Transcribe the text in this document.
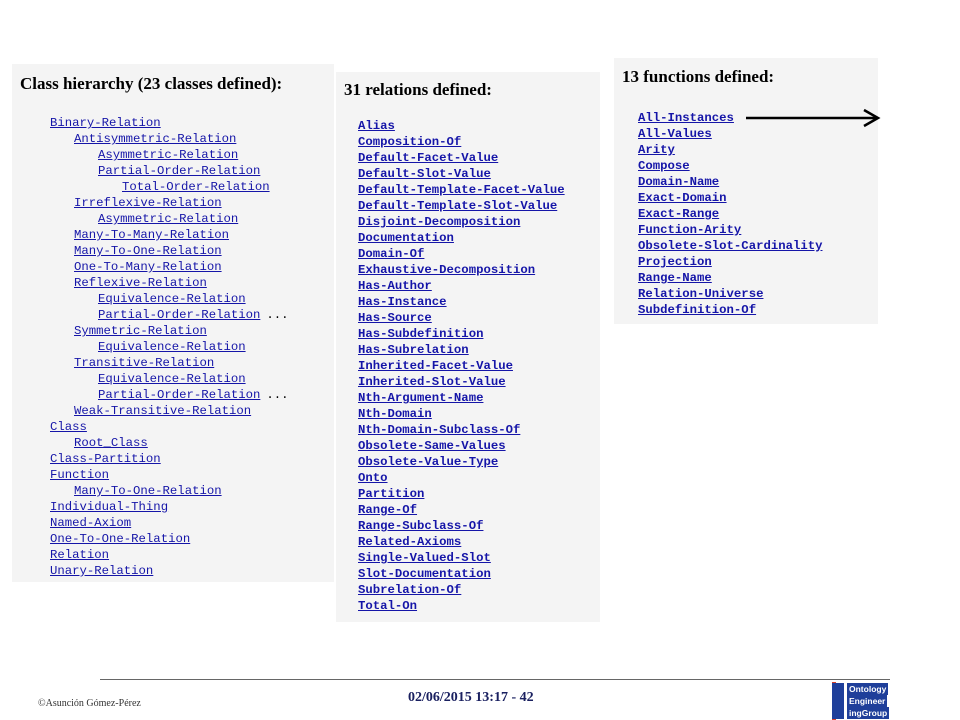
Class hierarchy (23 classes defined):
Binary-Relation
Antisymmetric-Relation
Asymmetric-Relation
Partial-Order-Relation
Total-Order-Relation
Irreflexive-Relation
Asymmetric-Relation
Many-To-Many-Relation
Many-To-One-Relation
One-To-Many-Relation
Reflexive-Relation
Equivalence-Relation
Partial-Order-Relation ...
Symmetric-Relation
Equivalence-Relation
Transitive-Relation
Equivalence-Relation
Partial-Order-Relation ...
Weak-Transitive-Relation
Class
Root_Class
Class-Partition
Function
Many-To-One-Relation
Individual-Thing
Named-Axiom
One-To-One-Relation
Relation
Unary-Relation
31 relations defined:
Alias
Composition-Of
Default-Facet-Value
Default-Slot-Value
Default-Template-Facet-Value
Default-Template-Slot-Value
Disjoint-Decomposition
Documentation
Domain-Of
Exhaustive-Decomposition
Has-Author
Has-Instance
Has-Source
Has-Subdefinition
Has-Subrelation
Inherited-Facet-Value
Inherited-Slot-Value
Nth-Argument-Name
Nth-Domain
Nth-Domain-Subclass-Of
Obsolete-Same-Values
Obsolete-Value-Type
Onto
Partition
Range-Of
Range-Subclass-Of
Related-Axioms
Single-Valued-Slot
Slot-Documentation
Subrelation-Of
Total-On
13 functions defined:
All-Instances
All-Values
Arity
Compose
Domain-Name
Exact-Domain
Exact-Range
Function-Arity
Obsolete-Slot-Cardinality
Projection
Range-Name
Relation-Universe
Subdefinition-Of
©Asunción Gómez-Pérez	02/06/2015 13:17 - 42
Ontology
Engineer
ingGroup
